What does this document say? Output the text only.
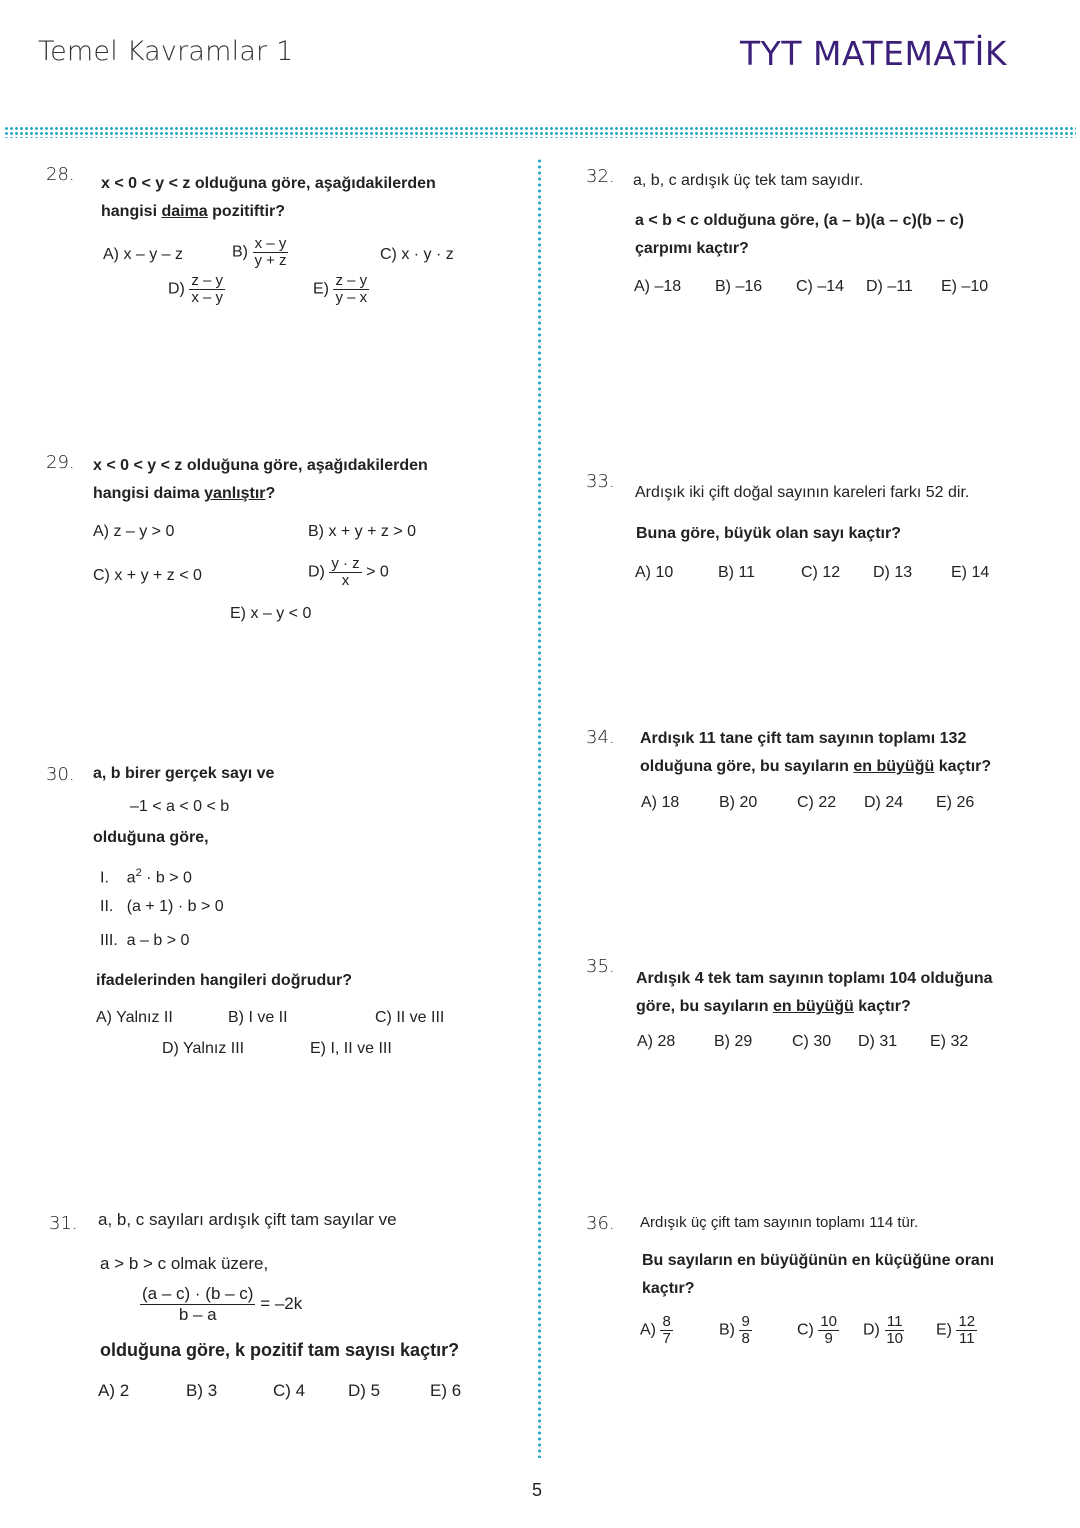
Temel Kavramlar 1	TYT MATEMATİK
28. x < 0 < y < z olduğuna göre, aşağıdakilerden
hangisi daima pozitiftir?
A) x – y – z	$B) \frac{x - y}{y + z}$	C) x · y · z
$D) \frac{z - y}{x - y}$	$E) \frac{z - y}{y - x}$
29. x < 0 < y < z olduğuna göre, aşağıdakilerden
hangisi daima yanlıştır?
A) z – y > 0	B) x + y + z > 0
C) x + y + z < 0	$D) \frac{y \cdot z}{x} > 0$
E) x – y < 0
30. a, b birer gerçek sayı ve
–1 < a < 0 < b
olduğuna göre,
I. $a^2 \cdot b > 0$
II. (a + 1) · b > 0
III. a – b > 0
ifadelerinden hangileri doğrudur?
A) Yalnız II	B) I ve II	C) II ve III
D) Yalnız III	E) I, II ve III
31. a, b, c sayıları ardışık çift tam sayılar ve
a > b > c olmak üzere,
$\frac{(a - c) \cdot (b - c)}{b - a} = -2k$
olduğuna göre, k pozitif tam sayısı kaçtır?
A) 2	B) 3	C) 4	D) 5	E) 6
32. a, b, c ardışık üç tek tam sayıdır.
a < b < c olduğuna göre, (a – b)(a – c)(b – c)
çarpımı kaçtır?
A) –18 B) –16 C) –14 D) –11 E) –10
33.
Ardışık iki çift doğal sayının kareleri farkı 52 dir.
Buna göre, büyük olan sayı kaçtır?
A) 10	B) 11	C) 12 D) 13 E) 14
34. Ardışık 11 tane çift tam sayının toplamı 132
olduğuna göre, bu sayıların en büyüğü kaçtır?
A) 18 B) 20 C) 22 D) 24 E) 26
35.
Ardışık 4 tek tam sayının toplamı 104 olduğuna
göre, bu sayıların en büyüğü kaçtır?
A) 28 B) 29 C) 30 D) 31 E) 32
36. Ardışık üç çift tam sayının toplamı 114 tür.
Bu sayıların en büyüğünün en küçüğüne oranı
kaçtır?
$A) \frac{8}{7}$	$B) \frac{9}{8}$	$C) \frac{10}{9} D) \frac{11}{10} E) \frac{12}{11}$
5
